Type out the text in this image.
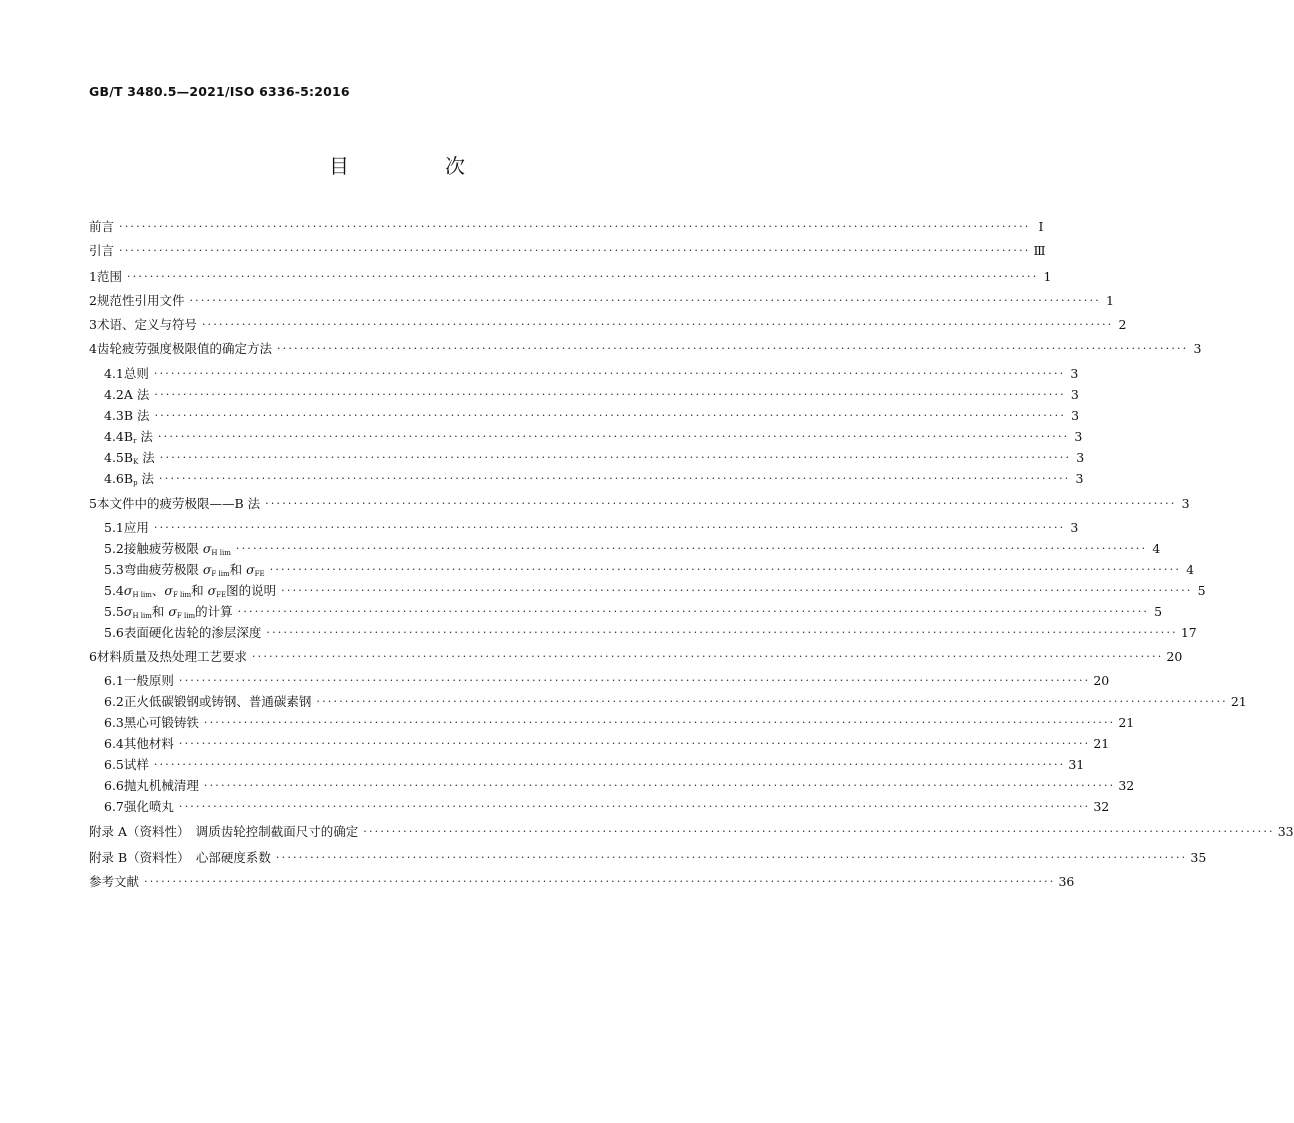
GB/T 3480.5—2021/ISO 6336-5:2016
目　次
前言 ································································································································································ Ⅰ
引言 ································································································································································ Ⅲ
1 范围 ································································································································································ 1
2 规范性引用文件 ································································································································································ 1
3 术语、定义与符号 ································································································································································ 2
4 齿轮疲劳强度极限值的确定方法 ································································································································································ 3
4.1 总则 ································································································································································ 3
4.2 A 法 ································································································································································ 3
4.3 B 法 ································································································································································ 3
4.4 $B_r$ 法 ································································································································································ 3
4.5 $B_K$ 法 ································································································································································ 3
4.6 $B_p$ 法 ································································································································································ 3
5 本文件中的疲劳极限——B 法 ································································································································································ 3
5.1 应用 ································································································································································ 3
5.2 接触疲劳极限 $\sigma_{H lim}$ ································································································································································ 4
5.3 弯曲疲劳极限 $\sigma_{F lim}$和 $\sigma_{FE}$ ································································································································································ 4
5.4 $\sigma_{H lim}$、$\sigma_{F lim}$和 $\sigma_{FE}$图的说明 ································································································································································ 5
5.5 $\sigma_{H lim}$和 $\sigma_{F lim}$的计算 ································································································································································ 5
5.6 表面硬化齿轮的渗层深度 ································································································································································ 17
6 材料质量及热处理工艺要求 ································································································································································ 20
6.1 一般原则 ································································································································································ 20
6.2 正火低碳锻钢或铸钢、普通碳素钢 ································································································································································ 21
6.3 黑心可锻铸铁 ································································································································································ 21
6.4 其他材料 ································································································································································ 21
6.5 试样 ································································································································································ 31
6.6 抛丸机械清理 ································································································································································ 32
6.7 强化喷丸 ································································································································································ 32
附录 A（资料性）　调质齿轮控制截面尺寸的确定 ································································································································································ 33
附录 B（资料性）　心部硬度系数 ································································································································································ 35
参考文献 ································································································································································ 36
